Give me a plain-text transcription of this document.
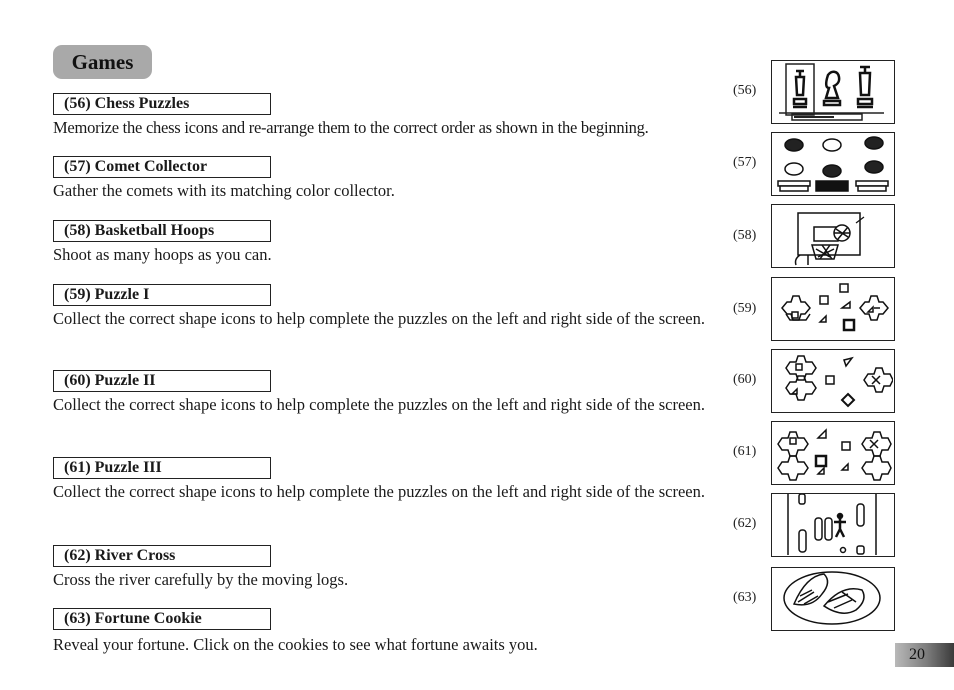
Games
(56) Chess Puzzles
Memorize the chess icons and re-arrange them to the correct order as shown in the beginning.
(57) Comet Collector
Gather the comets with its matching color collector.
(58) Basketball Hoops
Shoot as many hoops as you can.
(59) Puzzle I
Collect the correct shape icons to help complete the puzzles on the left and right side of the screen.
(60) Puzzle II
Collect the correct shape icons to help complete the puzzles on the left and right side of the screen.
(61) Puzzle III
Collect the correct shape icons to help complete the puzzles on the left and right side of the screen.
(62) River Cross
Cross the river carefully by the moving logs.
(63) Fortune Cookie
Reveal your fortune. Click on the cookies to see what fortune awaits you.
(56)
(57)
(58)
(59)
(60)
(61)
(62)
(63)
20
